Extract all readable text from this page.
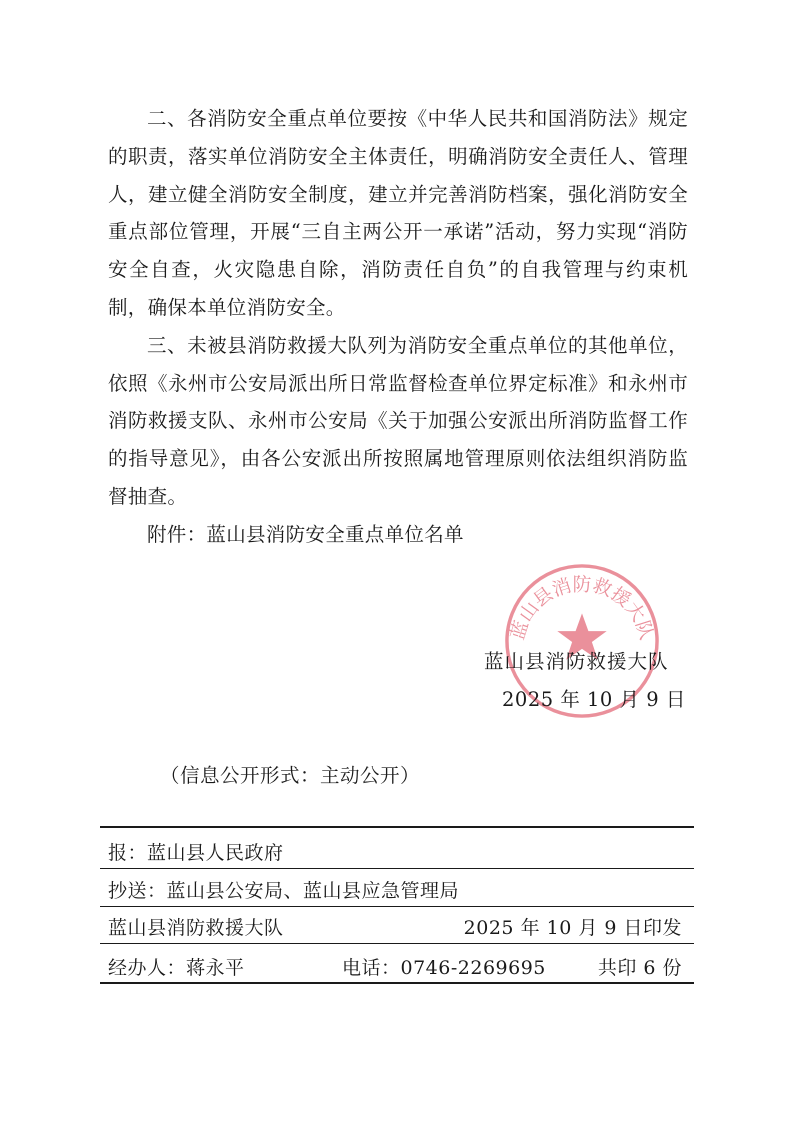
二、各消防安全重点单位要按《中华人民共和国消防法》规定的职责，落实单位消防安全主体责任，明确消防安全责任人、管理人，建立健全消防安全制度，建立并完善消防档案，强化消防安全重点部位管理，开展“三自主两公开一承诺”活动，努力实现“消防安全自查，火灾隐患自除，消防责任自负”的自我管理与约束机制，确保本单位消防安全。

三、未被县消防救援大队列为消防安全重点单位的其他单位，依照《永州市公安局派出所日常监督检查单位界定标准》和永州市消防救援支队、永州市公安局《关于加强公安派出所消防监督工作的指导意见》，由各公安派出所按照属地管理原则依法组织消防监督抽查。

附件：蓝山县消防安全重点单位名单

蓝山县消防救援大队
蓝山县消防救援大队
2025 年 10 月 9 日
（信息公开形式：主动公开）
报：蓝山县人民政府
抄送：蓝山县公安局、蓝山县应急管理局
蓝山县消防救援大队	2025 年 10 月 9 日印发
经办人：蒋永平	电话：0746-2269695	共印 6 份
